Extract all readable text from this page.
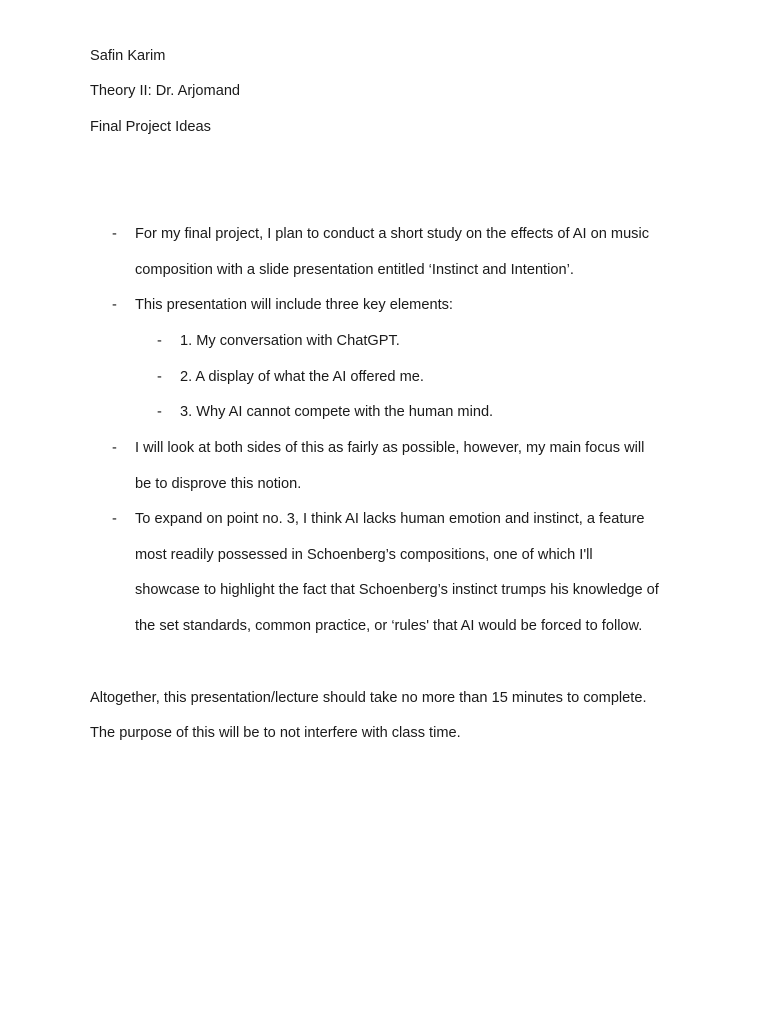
Safin Karim
Theory II: Dr. Arjomand
Final Project Ideas
-	For my final project, I plan to conduct a short study on the effects of AI on music
composition with a slide presentation entitled ‘Instinct and Intention’.
-	This presentation will include three key elements:
-	1. My conversation with ChatGPT.
-	2. A display of what the AI offered me.
-	3. Why AI cannot compete with the human mind.
-	I will look at both sides of this as fairly as possible, however, my main focus will
be to disprove this notion.
-	To expand on point no. 3, I think AI lacks human emotion and instinct, a feature
most readily possessed in Schoenberg’s compositions, one of which I'll
showcase to highlight the fact that Schoenberg’s instinct trumps his knowledge of
the set standards, common practice, or ‘rules' that AI would be forced to follow.
Altogether, this presentation/lecture should take no more than 15 minutes to complete.
The purpose of this will be to not interfere with class time.
